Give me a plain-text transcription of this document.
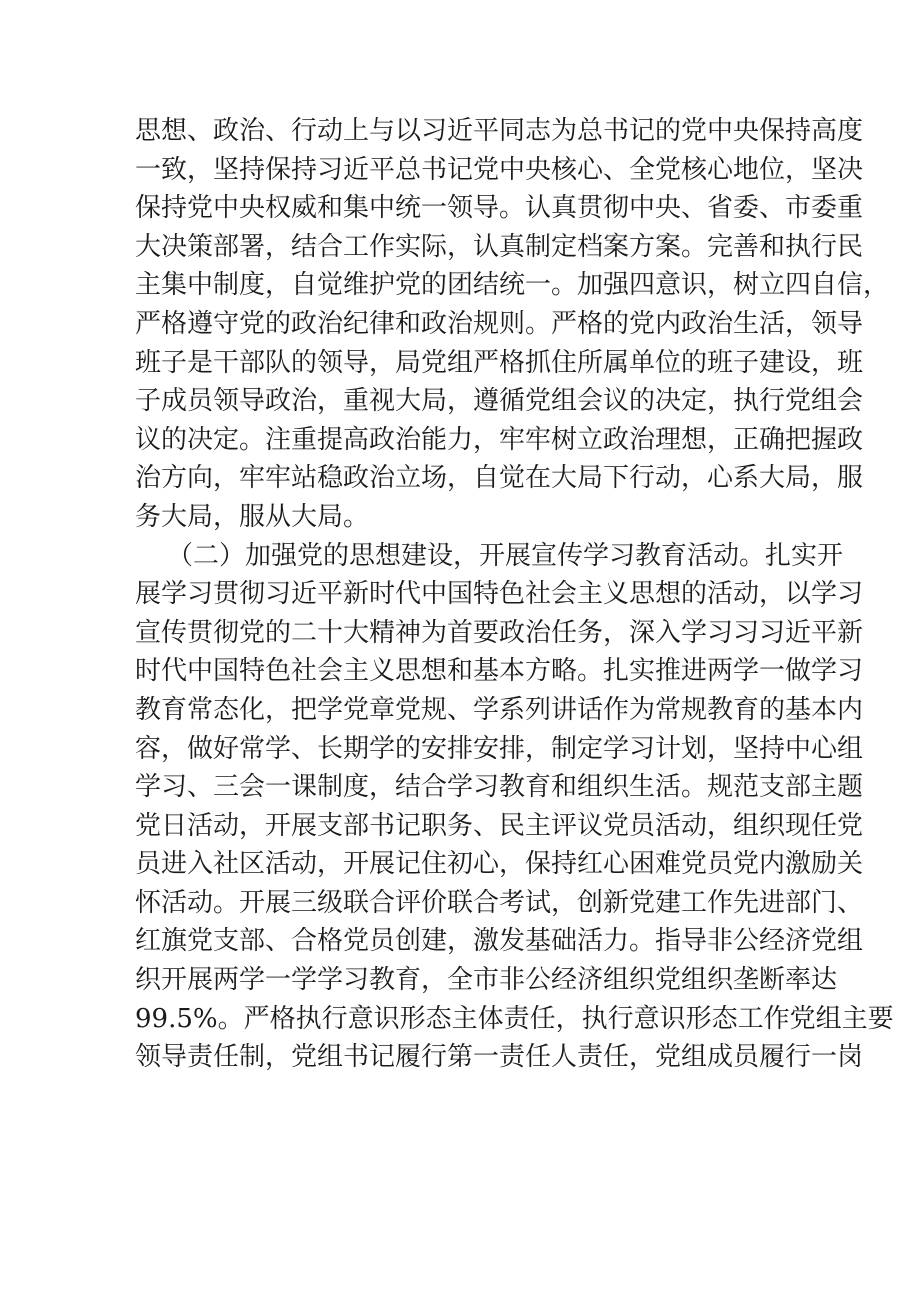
思想、政治、行动上与以习近平同志为总书记的党中央保持高度
一致，坚持保持习近平总书记党中央核心、全党核心地位，坚决
保持党中央权威和集中统一领导。认真贯彻中央、省委、市委重
大决策部署，结合工作实际，认真制定档案方案。完善和执行民
主集中制度，自觉维护党的团结统一。加强四意识，树立四自信，
严格遵守党的政治纪律和政治规则。严格的党内政治生活，领导
班子是干部队的领导，局党组严格抓住所属单位的班子建设，班
子成员领导政治，重视大局，遵循党组会议的决定，执行党组会
议的决定。注重提高政治能力，牢牢树立政治理想，正确把握政
治方向，牢牢站稳政治立场，自觉在大局下行动，心系大局，服
务大局，服从大局。
（二）加强党的思想建设，开展宣传学习教育活动。扎实开
展学习贯彻习近平新时代中国特色社会主义思想的活动，以学习
宣传贯彻党的二十大精神为首要政治任务，深入学习习习近平新
时代中国特色社会主义思想和基本方略。扎实推进两学一做学习
教育常态化，把学党章党规、学系列讲话作为常规教育的基本内
容，做好常学、长期学的安排安排，制定学习计划，坚持中心组
学习、三会一课制度，结合学习教育和组织生活。规范支部主题
党日活动，开展支部书记职务、民主评议党员活动，组织现任党
员进入社区活动，开展记住初心，保持红心困难党员党内激励关
怀活动。开展三级联合评价联合考试，创新党建工作先进部门、
红旗党支部、合格党员创建，激发基础活力。指导非公经济党组
织开展两学一学学习教育，全市非公经济组织党组织垄断率达
99.5%。严格执行意识形态主体责任，执行意识形态工作党组主要
领导责任制，党组书记履行第一责任人责任，党组成员履行一岗
